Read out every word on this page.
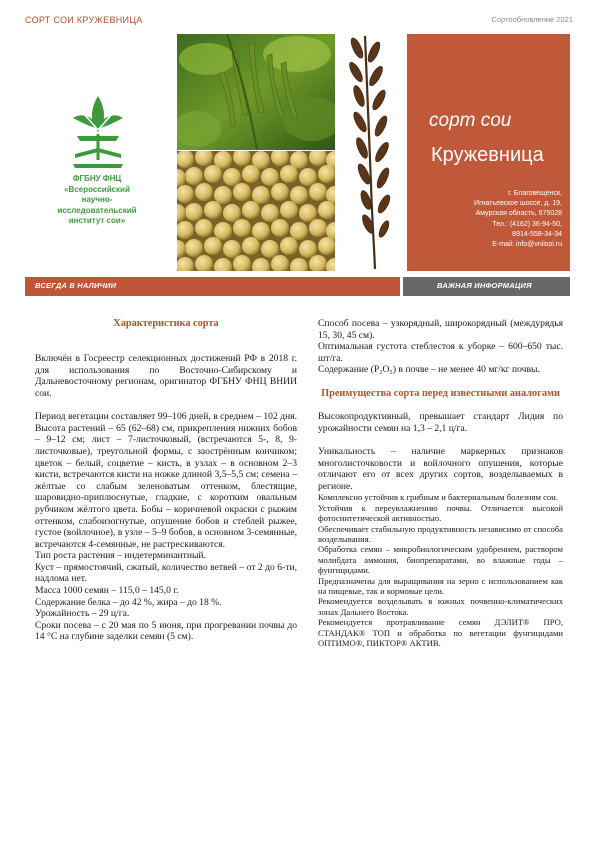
СОРТ СОИ КРУЖЕВНИЦА	Сортообновление 2021
ФГБНУ ФНЦ
«Всероссийский
научно-
исследовательский
институт сои»
сорт сои
Кружевница
г. Благовещенск,
Игнатьевское шоссе, д. 19,
Амурская область, 675028
Тел.: (4162) 36-94-50,
8914-558-34-34
E-mail: info@vniisoi.ru
ВСЕГДА В НАЛИЧИИ	ВАЖНАЯ ИНФОРМАЦИЯ

Характеристика сорта

Включён в Госреестр селекционных достижений РФ в 2018 г. для использования по Восточно-Сибирскому и Дальневосточному регионам, оригинатор ФГБНУ ФНЦ ВНИИ сои.

Период вегетации составляет 99–106 дней, в среднем – 102 дня. Высота растений – 65 (62–68) см, прикрепления нижних бобов – 9–12 см; лист – 7-листочковый, (встречаются 5-, 8, 9-листочковые), треугольной формы, с заострённым кончиком; цветок – белый, соцветие – кисть, в узлах – в основном 2–3 кисти, встречаются кисти на ножке длиной 3,5–5,5 см; семена – жёлтые со слабым зеленоватым оттенком, блестящие, шаровидно-приплюснутые, гладкие, с коротким овальным рубчиком жёлтого цвета. Бобы – коричневой окраски с рыжим оттенком, слабоизогнутые, опушение бобов и стеблей рыжее, густое (войлочное), в узле – 5–9 бобов, в основном 3-семянные, встречаются 4-семянные, не растрескиваются.

Тип роста растения – индетерминантный.

Куст – прямостоячий, сжатый, количество ветвей – от 2 до 6-ти, надлома нет.

Масса 1000 семян – 115,0 – 145,0 г.

Содержание белка – до 42 %, жира – до 18 %.

Урожайность – 29 ц/га.

Сроки посева – с 20 мая по 5 июня, при прогревании почвы до 14 °С на глубине заделки семян (5 см).

Способ посева – узкорядный, широкорядный (междурядья 15, 30, 45 см).

Оптимальная густота стеблестоя к уборке – 600–650 тыс. шт/га.

Содержание (P₂O₅) в почве – не менее 40 мг/кг почвы.

Преимущества сорта перед известными аналогами

Высокопродуктивный, превышает стандарт Лидия по урожайности семян на 1,3 – 2,1 ц/га.

Уникальность – наличие маркерных признаков многолисточковости и войлочного опушения, которые отличают его от всех других сортов, возделываемых в регионе.

Комплексно устойчив к грибным и бактериальным болезням сои.

Устойчив к переувлажнению почвы. Отличается высокой фотосинтетической активностью.

Обеспечивает стабильную продуктивность независимо от способа возделывания.

Обработка семян – микробиологическим удобрением, раствором молибдата аммония, биопрепаратами, во влажные годы – фунгицидами.

Предназначены для выращивания на зерно с использованием как на пищевые, так и кормовые цели.

Рекомендуется возделывать в южных почвенно-климатических зонах Дальнего Востока.

Рекомендуется протравливание семян ДЭЛИТ® ПРО, СТАНДАК® ТОП и обработка по вегетации фунгицидами ОПТИМО®, ПИКТОР® АКТИВ.
